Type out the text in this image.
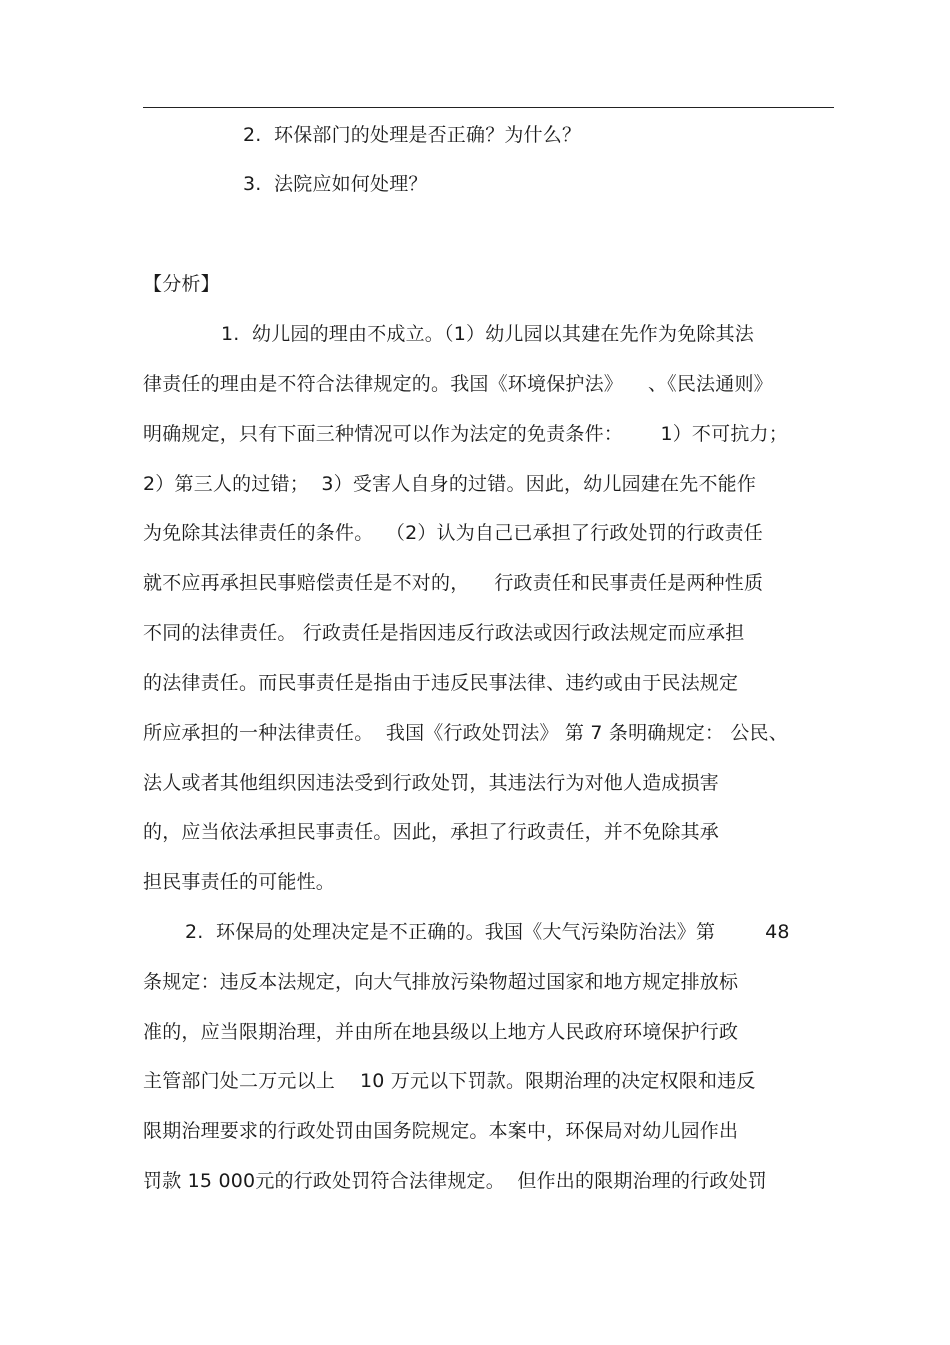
2.  环保部门的处理是否正确？为什么？
3.  法院应如何处理？
【分析】
1.  幼儿园的理由不成立。（1）幼儿园以其建在先作为免除其法
律责任的理由是不符合法律规定的。我国《环境保护法》    、《民法通则》
明确规定，只有下面三种情况可以作为法定的免责条件：      1）不可抗力；
2）第三人的过错；  3）受害人自身的过错。因此，幼儿园建在先不能作
为免除其法律责任的条件。  （2）认为自己已承担了行政处罚的行政责任
就不应再承担民事赔偿责任是不对的，    行政责任和民事责任是两种性质
不同的法律责任。 行政责任是指因违反行政法或因行政法规定而应承担
的法律责任。而民事责任是指由于违反民事法律、违约或由于民法规定
所应承担的一种法律责任。  我国《行政处罚法》 第 7 条明确规定： 公民、
法人或者其他组织因违法受到行政处罚，其违法行为对他人造成损害
的，应当依法承担民事责任。因此，承担了行政责任，并不免除其承
担民事责任的可能性。
2.  环保局的处理决定是不正确的。我国《大气污染防治法》第        48
条规定：违反本法规定，向大气排放污染物超过国家和地方规定排放标
准的，应当限期治理，并由所在地县级以上地方人民政府环境保护行政
主管部门处二万元以上    10 万元以下罚款。限期治理的决定权限和违反
限期治理要求的行政处罚由国务院规定。本案中，环保局对幼儿园作出
罚款 15 000元的行政处罚符合法律规定。  但作出的限期治理的行政处罚
